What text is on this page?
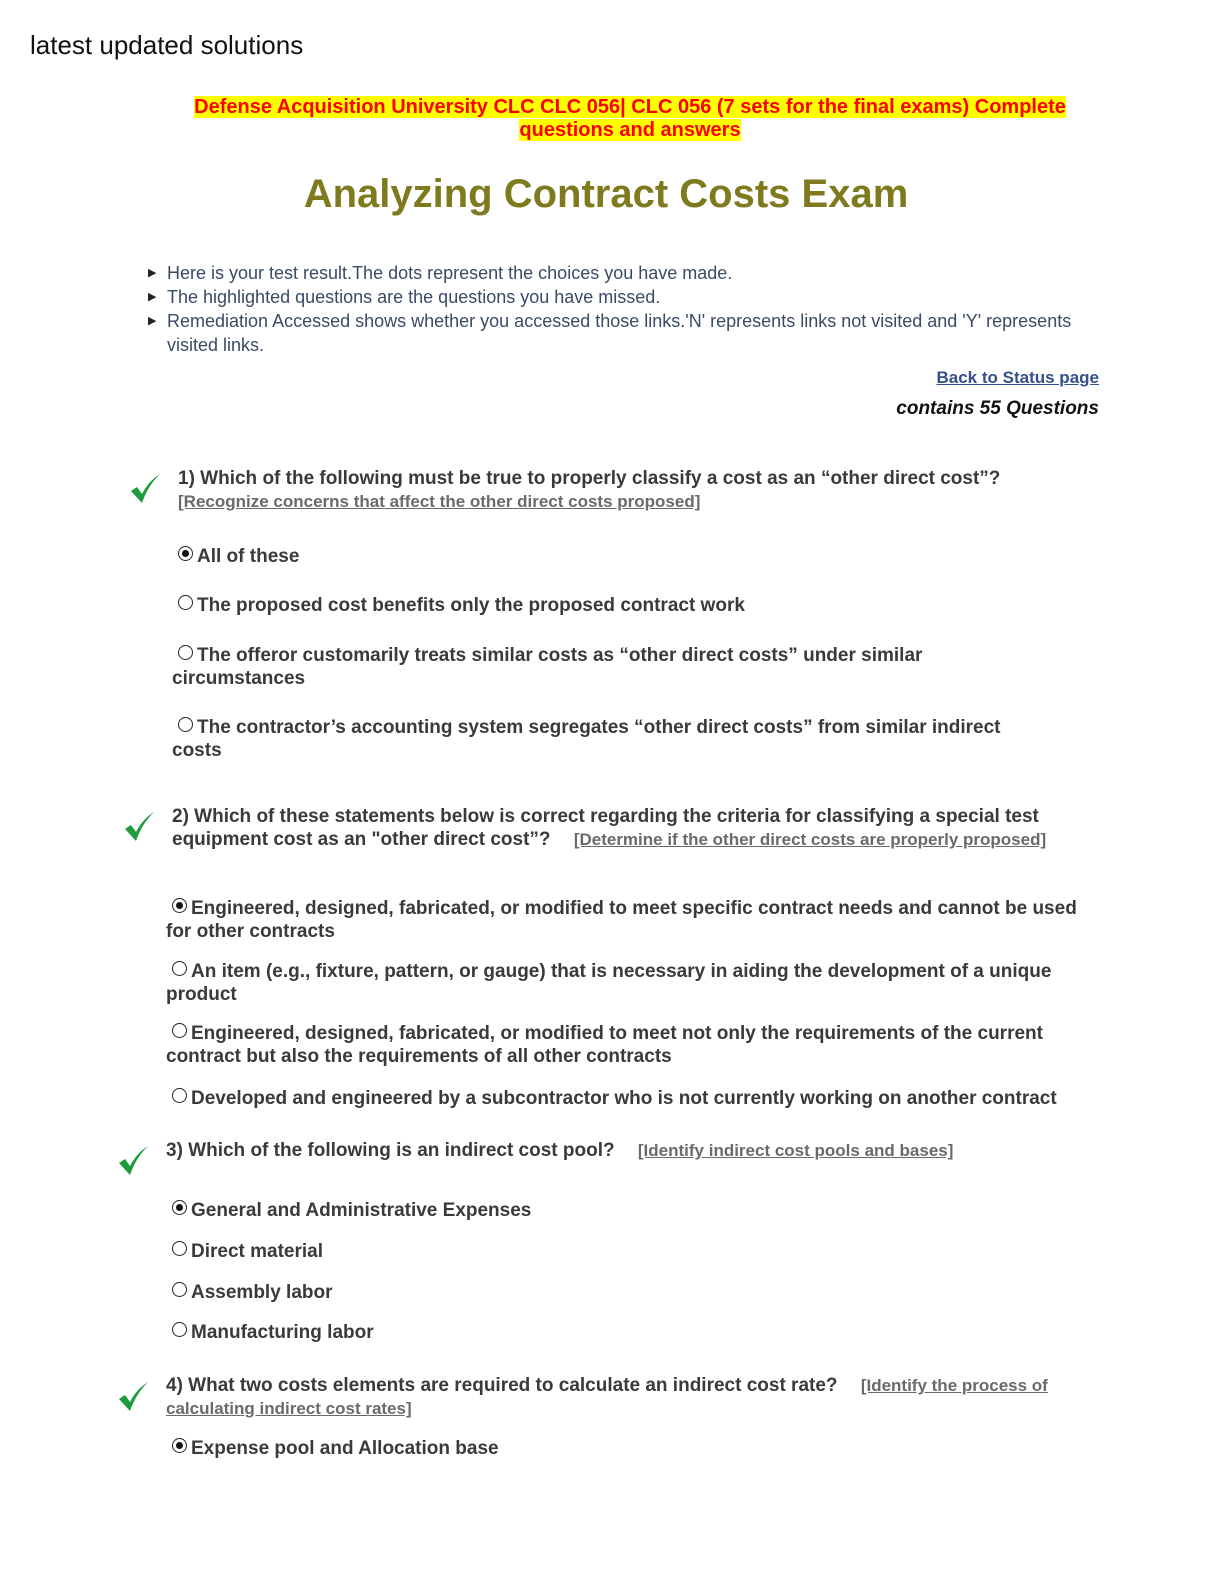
latest updated solutions
Defense Acquisition University CLC CLC 056| CLC 056 (7 sets for the final exams) Complete
questions and answers
Analyzing Contract Costs Exam
▶ Here is your test result.The dots represent the choices you have made.
▶ The highlighted questions are the questions you have missed.
▶ Remediation Accessed shows whether you accessed those links.'N' represents links not visited and 'Y' represents visited links.
Back to Status page
contains 55 Questions
1) Which of the following must be true to properly classify a cost as an “other direct cost”?
[Recognize concerns that affect the other direct costs proposed]
All of these
The proposed cost benefits only the proposed contract work
The offeror customarily treats similar costs as “other direct costs” under similar circumstances
The contractor’s accounting system segregates “other direct costs” from similar indirect costs
2) Which of these statements below is correct regarding the criteria for classifying a special test equipment cost as an "other direct cost”? [Determine if the other direct costs are properly proposed]
Engineered, designed, fabricated, or modified to meet specific contract needs and cannot be used for other contracts
An item (e.g., fixture, pattern, or gauge) that is necessary in aiding the development of a unique product
Engineered, designed, fabricated, or modified to meet not only the requirements of the current contract but also the requirements of all other contracts
Developed and engineered by a subcontractor who is not currently working on another contract
3) Which of the following is an indirect cost pool? [Identify indirect cost pools and bases]
General and Administrative Expenses
Direct material
Assembly labor
Manufacturing labor
4) What two costs elements are required to calculate an indirect cost rate? [Identify the process of calculating indirect cost rates]
Expense pool and Allocation base
